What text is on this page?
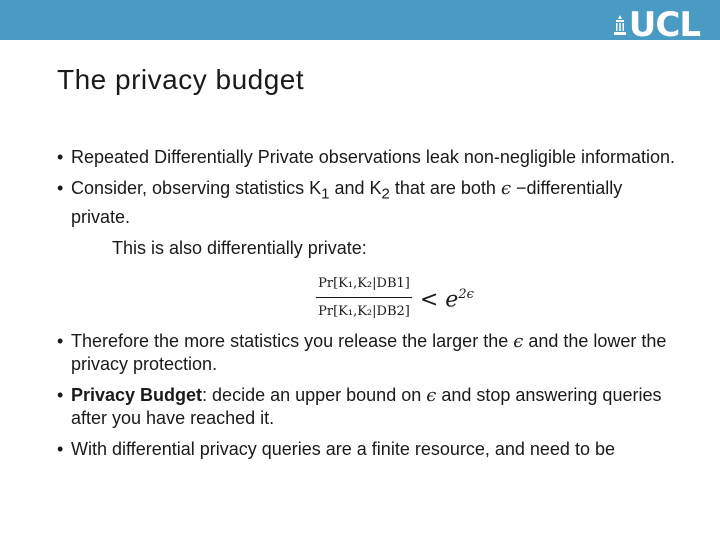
UCL
The privacy budget
• Repeated Differentially Private observations leak non-negligible information.
• Consider, observing statistics $K_1$ and $K_2$ that are both ϵ −differentially private.
This is also differentially private:
$\frac{\text{Pr[K₁,K₂|DB1]}}{\text{Pr[K₁,K₂|DB2]}} < e^{2\epsilon}$
• Therefore the more statistics you release the larger the ϵ and the lower the privacy protection.
• Privacy Budget: decide an upper bound on ϵ and stop answering queries after you have reached it.
• With differential privacy queries are a finite resource, and need to be
